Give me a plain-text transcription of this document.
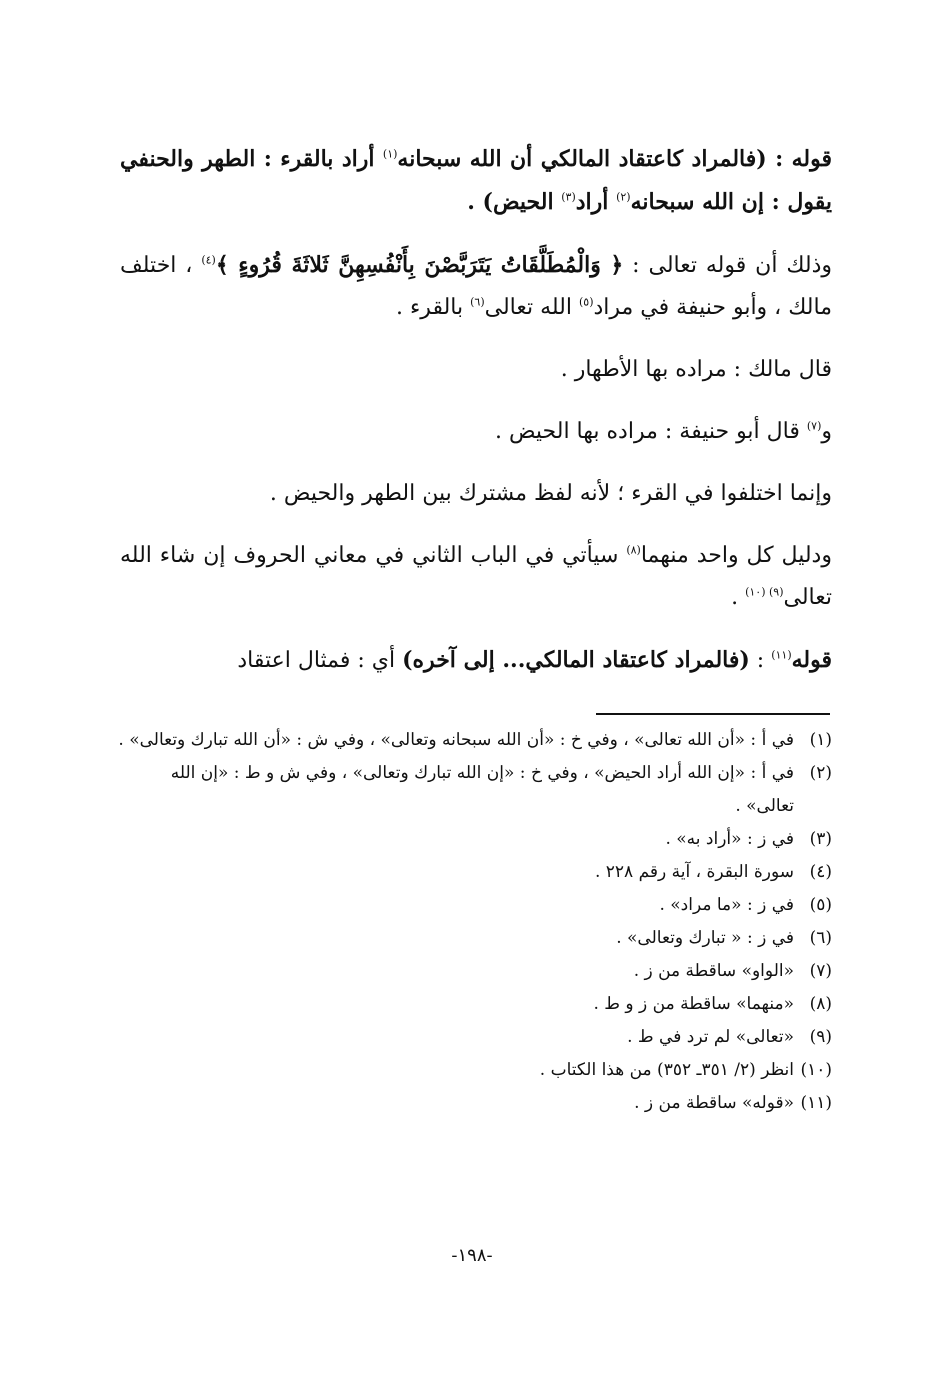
قوله : (فالمراد كاعتقاد المالكي أن الله سبحانه$^{(١)}$ أراد بالقرء : الطهر والحنفي يقول : إن الله سبحانه$^{(٢)}$ أراد$^{(٣)}$ الحيض) .

وذلك أن قوله تعالى : ﴿ وَالْمُطَلَّقَاتُ يَتَرَبَّصْنَ بِأَنْفُسِهِنَّ ثَلاثَةَ قُرُوءٍ ﴾$^{(٤)}$ ، اختلف مالك ، وأبو حنيفة في مراد$^{(٥)}$ الله تعالى$^{(٦)}$ بالقرء .

قال مالك : مراده بها الأطهار .

و$^{(٧)}$ قال أبو حنيفة : مراده بها الحيض .

وإنما اختلفوا في القرء ؛ لأنه لفظ مشترك بين الطهر والحيض .

ودليل كل واحد منهما$^{(٨)}$ سيأتي في الباب الثاني في معاني الحروف إن شاء الله تعالى$^{(٩) (١٠)}$ .

قوله$^{(١١)}$ : (فالمراد كاعتقاد المالكي... إلى آخره) أي : فمثال اعتقاد

(١)
في أ : «أن الله تعالى» ، وفي خ : «أن الله سبحانه وتعالى» ، وفي ش : «أن الله تبارك وتعالى» .

(٢)
في أ : «إن الله أراد الحيض» ، وفي خ : «إن الله تبارك وتعالى» ، وفي ش و ط : «إن الله تعالى» .

(٣)
في ز : «أراد به» .

(٤)
سورة البقرة ، آية رقم ٢٢٨ .

(٥)
في ز : «ما مراد» .

(٦)
في ز : « تبارك وتعالى» .

(٧)
«الواو» ساقطة من ز .

(٨)
«منهما» ساقطة من ز و ط .

(٩)
«تعالى» لم ترد في ط .

(١٠)
انظر (٢/ ٣٥١ـ ٣٥٢) من هذا الكتاب .

(١١)
«قوله» ساقطة من ز .

-١٩٨-
